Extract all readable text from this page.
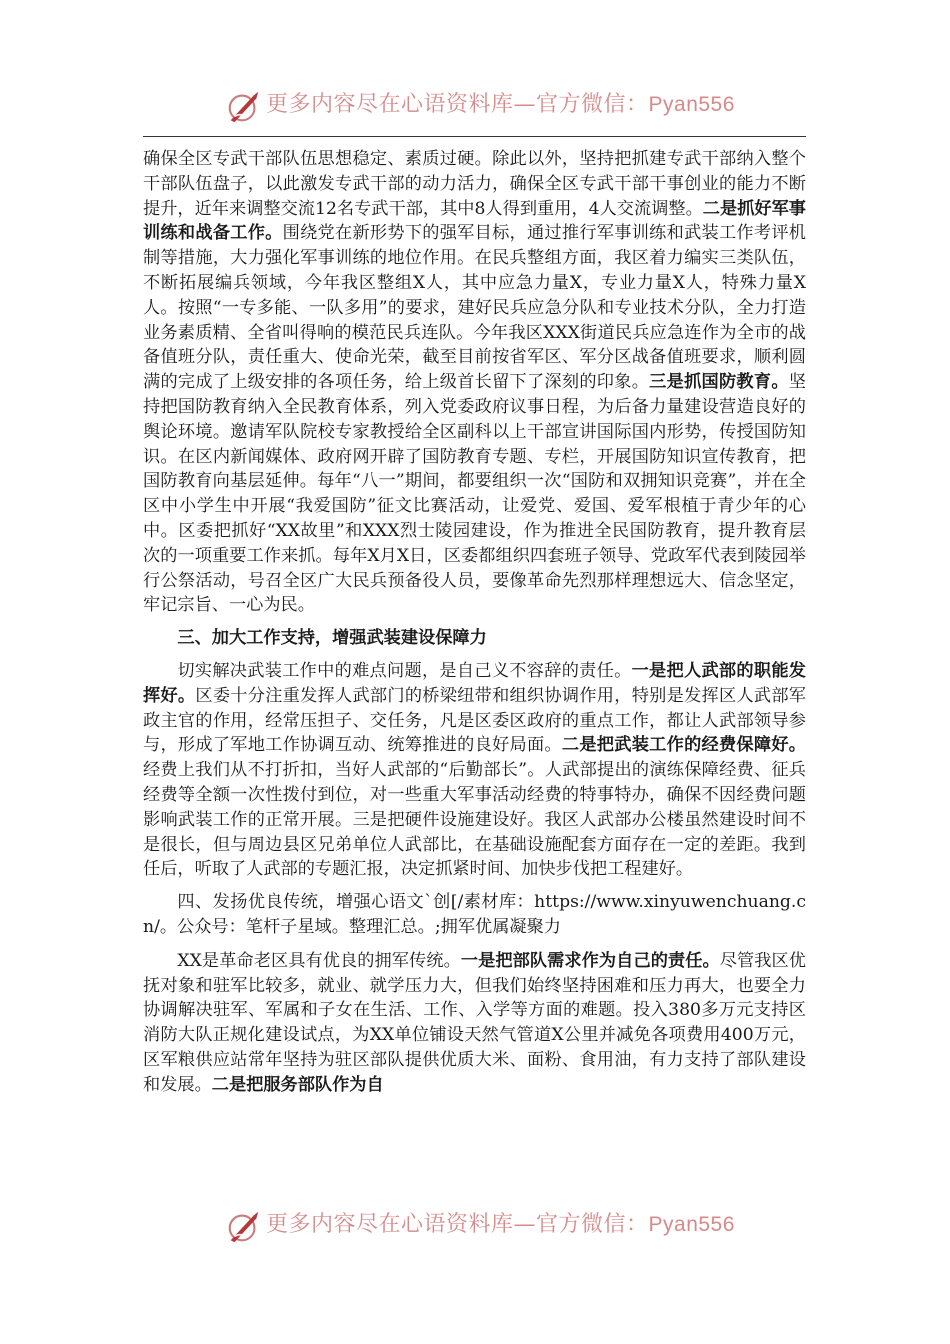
更多内容尽在心语资料库—官方微信：Pyan556

确保全区专武干部队伍思想稳定、素质过硬。除此以外，坚持把抓建专武干部纳入整个干部队伍盘子，以此激发专武干部的动力活力，确保全区专武干部干事创业的能力不断提升，近年来调整交流12名专武干部，其中8人得到重用，4人交流调整。二是抓好军事训练和战备工作。围绕党在新形势下的强军目标，通过推行军事训练和武装工作考评机制等措施，大力强化军事训练的地位作用。在民兵整组方面，我区着力编实三类队伍，不断拓展编兵领域，今年我区整组X人，其中应急力量X，专业力量X人，特殊力量X人。按照“一专多能、一队多用”的要求，建好民兵应急分队和专业技术分队，全力打造业务素质精、全省叫得响的模范民兵连队。今年我区XXX街道民兵应急连作为全市的战备值班分队，责任重大、使命光荣，截至目前按省军区、军分区战备值班要求，顺利圆满的完成了上级安排的各项任务，给上级首长留下了深刻的印象。三是抓国防教育。坚持把国防教育纳入全民教育体系，列入党委政府议事日程，为后备力量建设营造良好的舆论环境。邀请军队院校专家教授给全区副科以上干部宣讲国际国内形势，传授国防知识。在区内新闻媒体、政府网开辟了国防教育专题、专栏，开展国防知识宣传教育，把国防教育向基层延伸。每年“八一”期间，都要组织一次“国防和双拥知识竞赛”，并在全区中小学生中开展“我爱国防”征文比赛活动，让爱党、爱国、爱军根植于青少年的心中。区委把抓好“XX故里”和XXX烈士陵园建设，作为推进全民国防教育，提升教育层次的一项重要工作来抓。每年X月X日，区委都组织四套班子领导、党政军代表到陵园举行公祭活动，号召全区广大民兵预备役人员，要像革命先烈那样理想远大、信念坚定，牢记宗旨、一心为民。

三、加大工作支持，增强武装建设保障力

切实解决武装工作中的难点问题，是自己义不容辞的责任。一是把人武部的职能发挥好。区委十分注重发挥人武部门的桥梁纽带和组织协调作用，特别是发挥区人武部军政主官的作用，经常压担子、交任务，凡是区委区政府的重点工作，都让人武部领导参与，形成了军地工作协调互动、统筹推进的良好局面。二是把武装工作的经费保障好。经费上我们从不打折扣，当好人武部的“后勤部长”。人武部提出的演练保障经费、征兵经费等全额一次性拨付到位，对一些重大军事活动经费的特事特办，确保不因经费问题影响武装工作的正常开展。三是把硬件设施建设好。我区人武部办公楼虽然建设时间不是很长，但与周边县区兄弟单位人武部比，在基础设施配套方面存在一定的差距。我到任后，听取了人武部的专题汇报，决定抓紧时间、加快步伐把工程建好。

四、发扬优良传统，增强心语文`创[/素材库：https://www.xinyuwenchuang.cn/。公众号：笔杆子星域。整理汇总。;拥军优属凝聚力

XX是革命老区具有优良的拥军传统。一是把部队需求作为自己的责任。尽管我区优抚对象和驻军比较多，就业、就学压力大，但我们始终坚持困难和压力再大，也要全力协调解决驻军、军属和子女在生活、工作、入学等方面的难题。投入380多万元支持区消防大队正规化建设试点，为XX单位铺设天然气管道X公里并减免各项费用400万元，区军粮供应站常年坚持为驻区部队提供优质大米、面粉、食用油，有力支持了部队建设和发展。二是把服务部队作为自

更多内容尽在心语资料库—官方微信：Pyan556
